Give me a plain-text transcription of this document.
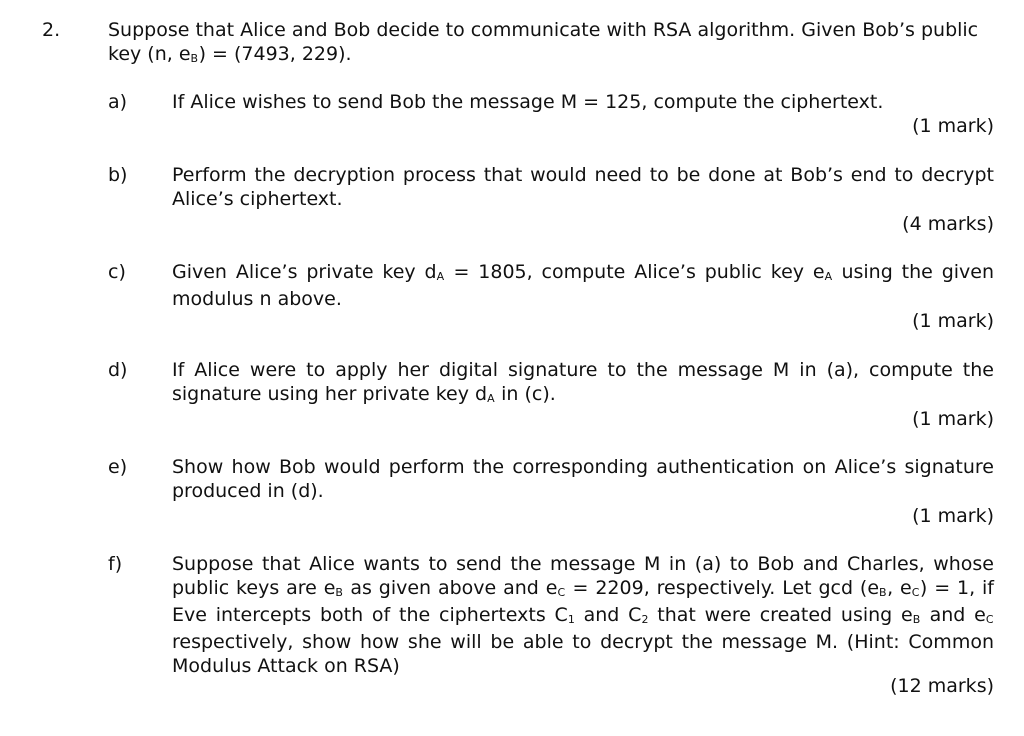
2.	Suppose that Alice and Bob decide to communicate with RSA algorithm. Given Bob’s public
key (n, eB) = (7493, 229).
a) If Alice wishes to send Bob the message M = 125, compute the ciphertext.
(1 mark)
b) Perform the decryption process that would need to be done at Bob’s end to decrypt Alice’s ciphertext.
(4 marks)
c) Given Alice’s private key dA = 1805, compute Alice’s public key eA using the given modulus n above.
(1 mark)
d) If Alice were to apply her digital signature to the message M in (a), compute the signature using her private key dA in (c).
(1 mark)
e) Show how Bob would perform the corresponding authentication on Alice’s signature produced in (d).
(1 mark)
f)	Suppose that Alice wants to send the message M in (a) to Bob and Charles, whose public keys are eB as given above and eC = 2209, respectively. Let gcd (eB, eC) = 1, if Eve intercepts both of the ciphertexts C1 and C2 that were created using eB and eC respectively, show how she will be able to decrypt the message M. (Hint: Common Modulus Attack on RSA)
(12 marks)
